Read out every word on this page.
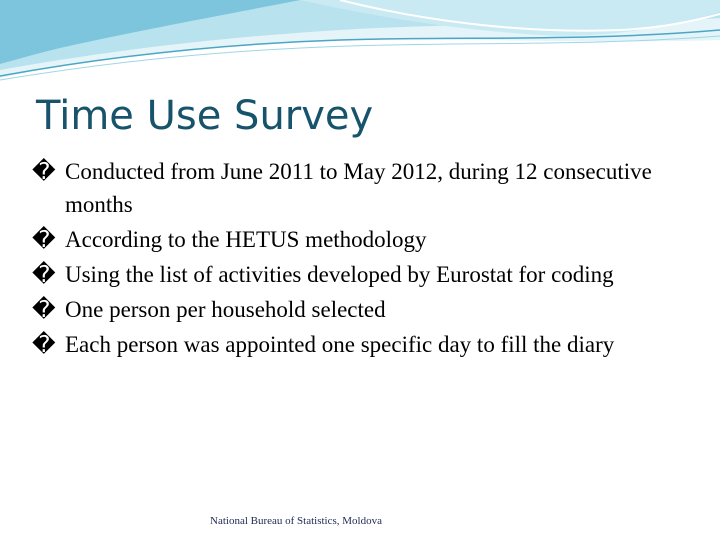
Time Use Survey
� Conducted from June 2011 to May 2012, during 12 consecutive months
� According to the HETUS methodology
� Using the list of activities developed by Eurostat for coding
� One person per household selected
� Each person was appointed one specific day to fill the diary
National Bureau of Statistics, Moldova
